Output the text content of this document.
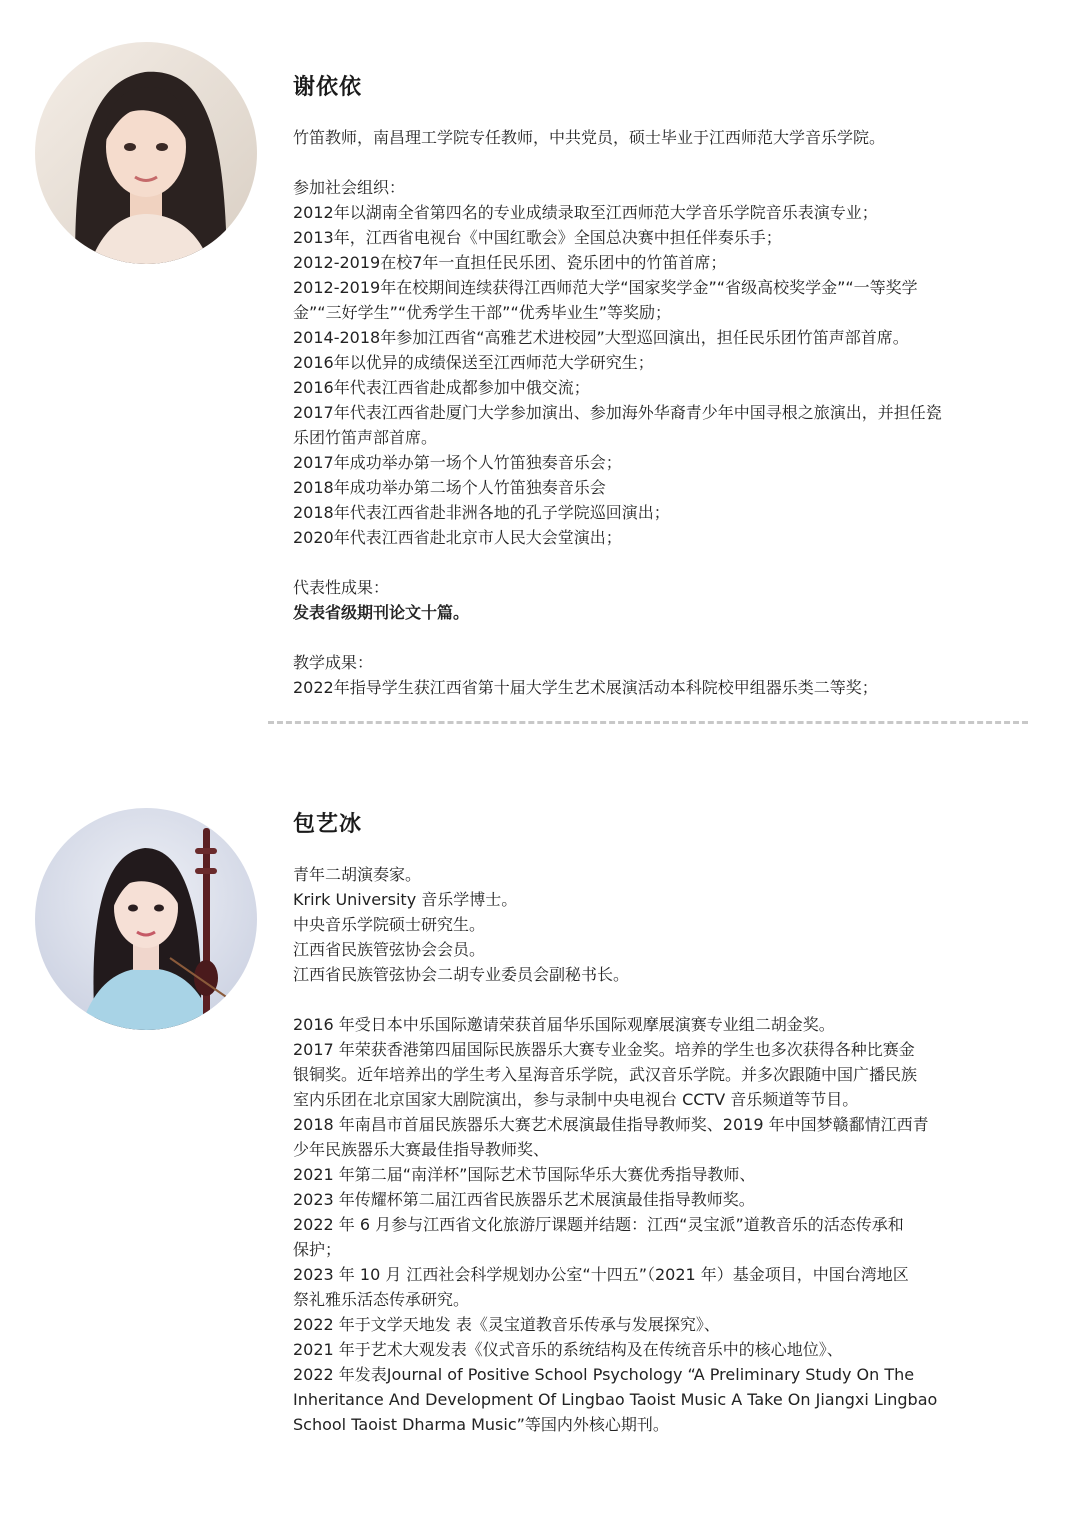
谢依依
竹笛教师，南昌理工学院专任教师，中共党员，硕士毕业于江西师范大学音乐学院。
参加社会组织：
2012年以湖南全省第四名的专业成绩录取至江西师范大学音乐学院音乐表演专业；
2013年，江西省电视台《中国红歌会》全国总决赛中担任伴奏乐手；
2012-2019在校7年一直担任民乐团、瓷乐团中的竹笛首席；
2012-2019年在校期间连续获得江西师范大学“国家奖学金”“省级高校奖学金”“一等奖学
金”“三好学生”“优秀学生干部”“优秀毕业生”等奖励；
2014-2018年参加江西省“高雅艺术进校园”大型巡回演出，担任民乐团竹笛声部首席。
2016年以优异的成绩保送至江西师范大学研究生；
2016年代表江西省赴成都参加中俄交流；
2017年代表江西省赴厦门大学参加演出、参加海外华裔青少年中国寻根之旅演出，并担任瓷
乐团竹笛声部首席。
2017年成功举办第一场个人竹笛独奏音乐会；
2018年成功举办第二场个人竹笛独奏音乐会
2018年代表江西省赴非洲各地的孔子学院巡回演出；
2020年代表江西省赴北京市人民大会堂演出；
代表性成果：
发表省级期刊论文十篇。
教学成果：
2022年指导学生获江西省第十届大学生艺术展演活动本科院校甲组器乐类二等奖；
包艺冰
青年二胡演奏家。
Krirk University 音乐学博士。
中央音乐学院硕士研究生。
江西省民族管弦协会会员。
江西省民族管弦协会二胡专业委员会副秘书长。
2016 年受日本中乐国际邀请荣获首届华乐国际观摩展演赛专业组二胡金奖。
2017 年荣获香港第四届国际民族器乐大赛专业金奖。培养的学生也多次获得各种比赛金
银铜奖。近年培养出的学生考入星海音乐学院，武汉音乐学院。并多次跟随中国广播民族
室内乐团在北京国家大剧院演出，参与录制中央电视台 CCTV 音乐频道等节目。
2018 年南昌市首届民族器乐大赛艺术展演最佳指导教师奖、2019 年中国梦赣鄱情江西青
少年民族器乐大赛最佳指导教师奖、
2021 年第二届“南洋杯”国际艺术节国际华乐大赛优秀指导教师、
2023 年传耀杯第二届江西省民族器乐艺术展演最佳指导教师奖。
2022 年 6 月参与江西省文化旅游厅课题并结题：江西“灵宝派”道教音乐的活态传承和
保护；
2023 年 10 月 江西社会科学规划办公室“十四五”（2021 年）基金项目，中国台湾地区
祭礼雅乐活态传承研究。
2022 年于文学天地发 表《灵宝道教音乐传承与发展探究》、
2021 年于艺术大观发表《仪式音乐的系统结构及在传统音乐中的核心地位》、
2022 年发表Journal of Positive School Psychology “A Preliminary Study On The
Inheritance And Development Of Lingbao Taoist Music A Take On Jiangxi Lingbao
School Taoist Dharma Music”等国内外核心期刊。
